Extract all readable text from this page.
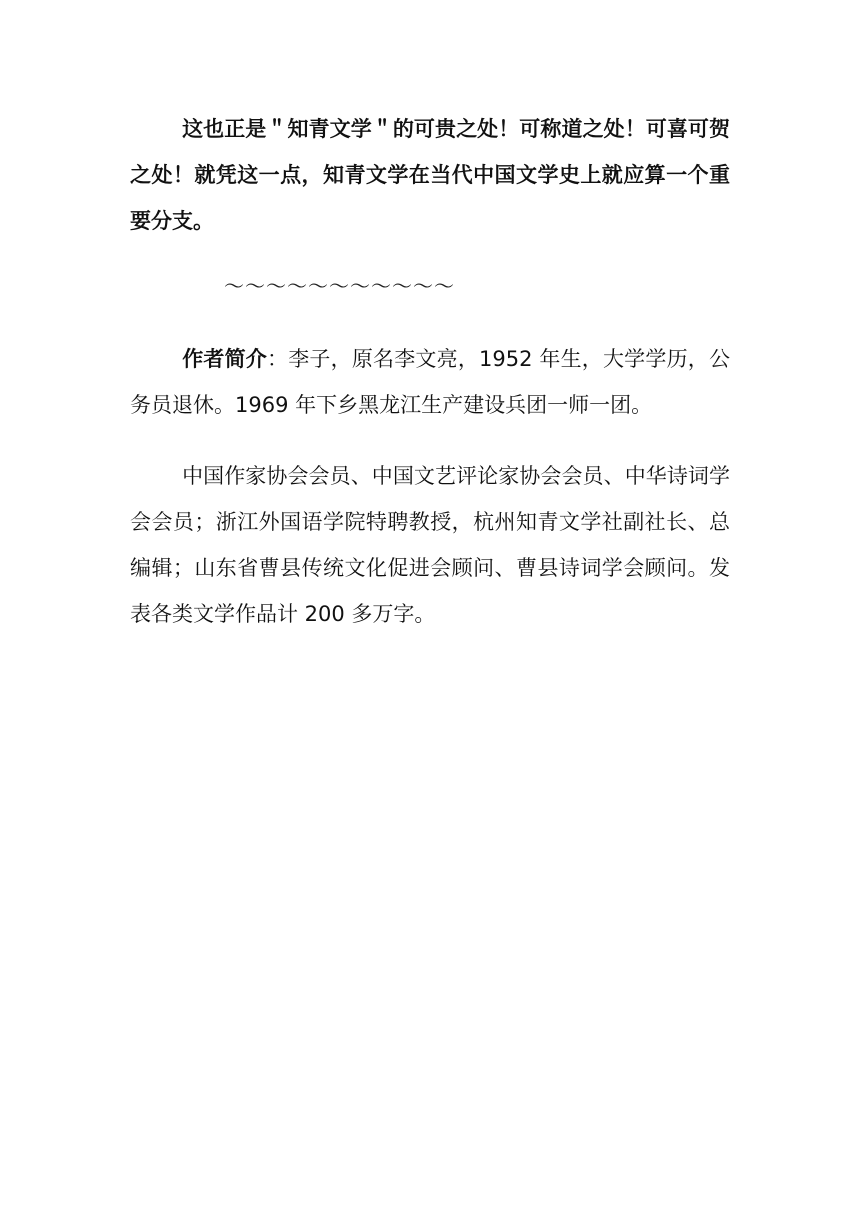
这也正是＂知青文学＂的可贵之处！可称道之处！可喜可贺之处！就凭这一点，知青文学在当代中国文学史上就应算一个重要分支。

～～～～～～～～～～～

作者简介：李子，原名李文亮，1952 年生，大学学历，公务员退休。1969 年下乡黑龙江生产建设兵团一师一团。

中国作家协会会员、中国文艺评论家协会会员、中华诗词学会会员；浙江外国语学院特聘教授，杭州知青文学社副社长、总编辑；山东省曹县传统文化促进会顾问、曹县诗词学会顾问。发表各类文学作品计 200 多万字。
